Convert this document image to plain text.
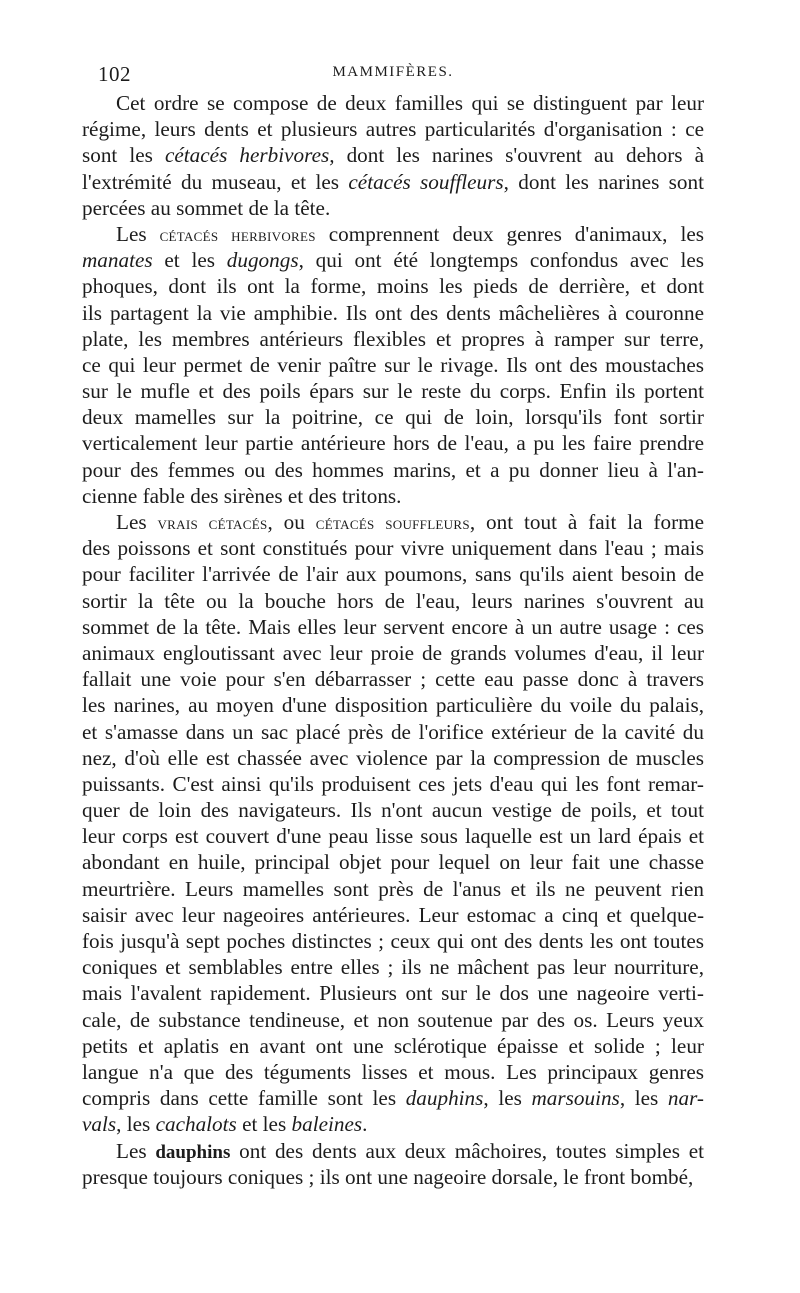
102	MAMMIFÈRES.
Cet ordre se compose de deux familles qui se distinguent par leur
régime, leurs dents et plusieurs autres particularités d'organisation : ce
sont les cétacés herbivores, dont les narines s'ouvrent au dehors à
l'extrémité du museau, et les cétacés souffleurs, dont les narines sont
percées au sommet de la tête.
Les cétacés herbivores comprennent deux genres d'animaux, les
manates et les dugongs, qui ont été longtemps confondus avec les
phoques, dont ils ont la forme, moins les pieds de derrière, et dont
ils partagent la vie amphibie. Ils ont des dents mâchelières à couronne
plate, les membres antérieurs flexibles et propres à ramper sur terre,
ce qui leur permet de venir paître sur le rivage. Ils ont des moustaches
sur le mufle et des poils épars sur le reste du corps. Enfin ils portent
deux mamelles sur la poitrine, ce qui de loin, lorsqu'ils font sortir
verticalement leur partie antérieure hors de l'eau, a pu les faire prendre
pour des femmes ou des hommes marins, et a pu donner lieu à l'an-
cienne fable des sirènes et des tritons.
Les vrais cétacés, ou cétacés souffleurs, ont tout à fait la forme
des poissons et sont constitués pour vivre uniquement dans l'eau ; mais
pour faciliter l'arrivée de l'air aux poumons, sans qu'ils aient besoin de
sortir la tête ou la bouche hors de l'eau, leurs narines s'ouvrent au
sommet de la tête. Mais elles leur servent encore à un autre usage : ces
animaux engloutissant avec leur proie de grands volumes d'eau, il leur
fallait une voie pour s'en débarrasser ; cette eau passe donc à travers
les narines, au moyen d'une disposition particulière du voile du palais,
et s'amasse dans un sac placé près de l'orifice extérieur de la cavité du
nez, d'où elle est chassée avec violence par la compression de muscles
puissants. C'est ainsi qu'ils produisent ces jets d'eau qui les font remar-
quer de loin des navigateurs. Ils n'ont aucun vestige de poils, et tout
leur corps est couvert d'une peau lisse sous laquelle est un lard épais et
abondant en huile, principal objet pour lequel on leur fait une chasse
meurtrière. Leurs mamelles sont près de l'anus et ils ne peuvent rien
saisir avec leur nageoires antérieures. Leur estomac a cinq et quelque-
fois jusqu'à sept poches distinctes ; ceux qui ont des dents les ont toutes
coniques et semblables entre elles ; ils ne mâchent pas leur nourriture,
mais l'avalent rapidement. Plusieurs ont sur le dos une nageoire verti-
cale, de substance tendineuse, et non soutenue par des os. Leurs yeux
petits et aplatis en avant ont une sclérotique épaisse et solide ; leur
langue n'a que des téguments lisses et mous. Les principaux genres
compris dans cette famille sont les dauphins, les marsouins, les nar-
vals, les cachalots et les baleines.
Les dauphins ont des dents aux deux mâchoires, toutes simples et
presque toujours coniques ; ils ont une nageoire dorsale, le front bombé,
